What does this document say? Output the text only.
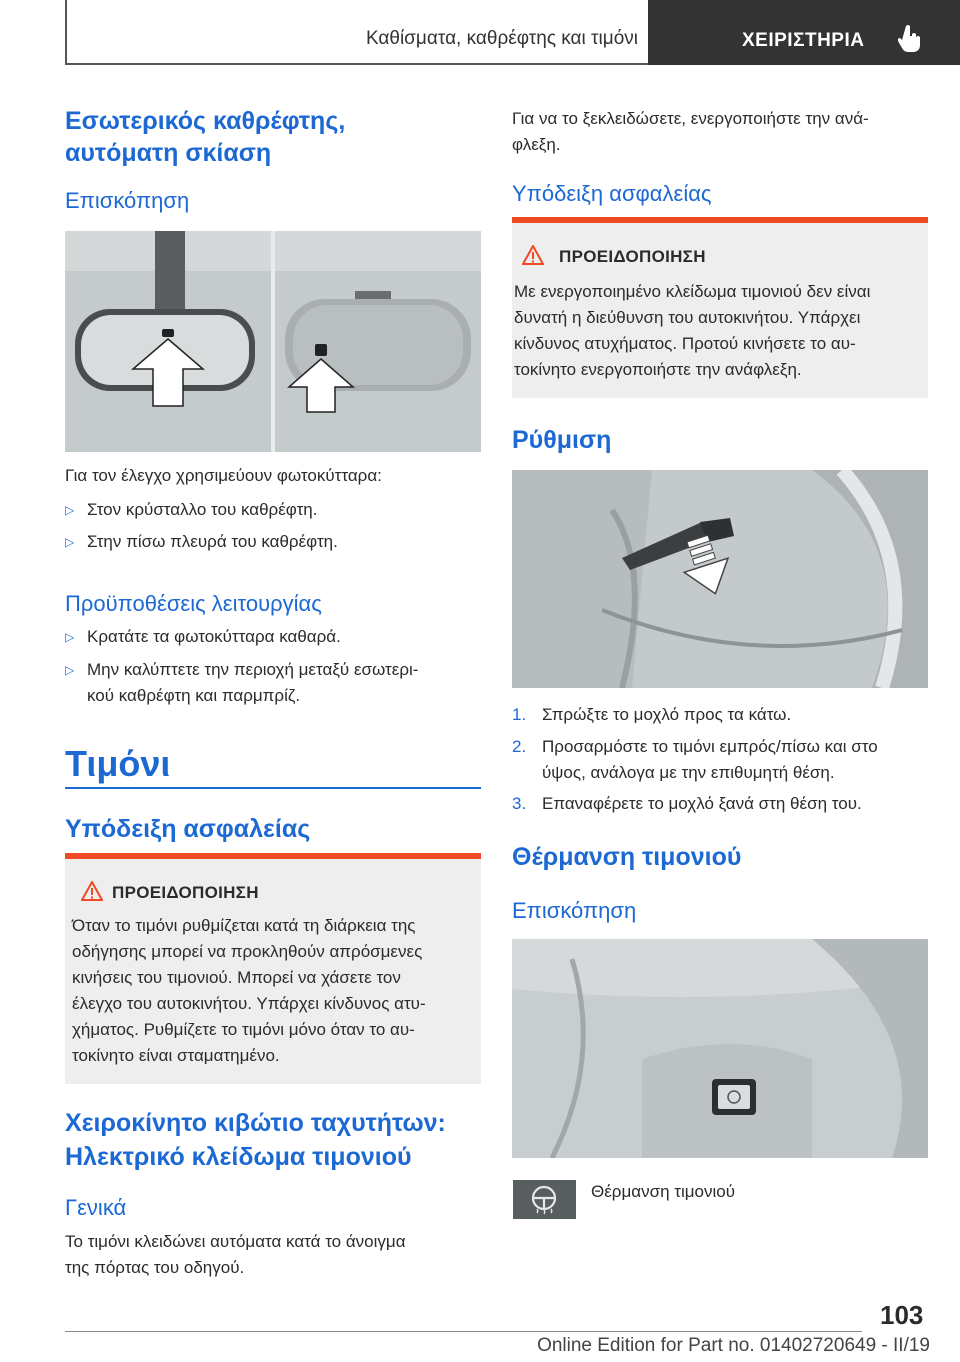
Καθίσματα, καθρέφτης και τιμόνι	ΧΕΙΡΙΣΤΗΡΙΑ
Εσωτερικός καθρέφτης,
αυτόματη σκίαση
Επισκόπηση
Για τον έλεγχο χρησιμεύουν φωτοκύτταρα:
▷ Στον κρύσταλλο του καθρέφτη.
▷ Στην πίσω πλευρά του καθρέφτη.
Προϋποθέσεις λειτουργίας
▷ Κρατάτε τα φωτοκύτταρα καθαρά.
▷ Μην καλύπτετε την περιοχή μεταξύ εσωτερι-
κού καθρέφτη και παρμπρίζ.
Τιμόνι
Υπόδειξη ασφαλείας
ΠΡΟΕΙΔΟΠΟΙΗΣΗ
Όταν το τιμόνι ρυθμίζεται κατά τη διάρκεια της
οδήγησης μπορεί να προκληθούν απρόσμενες
κινήσεις του τιμονιού. Μπορεί να χάσετε τον
έλεγχο του αυτοκινήτου. Υπάρχει κίνδυνος ατυ-
χήματος. Ρυθμίζετε το τιμόνι μόνο όταν το αυ-
τοκίνητο είναι σταματημένο.
Χειροκίνητο κιβώτιο ταχυτήτων:
Ηλεκτρικό κλείδωμα τιμονιού
Γενικά
Το τιμόνι κλειδώνει αυτόματα κατά το άνοιγμα
της πόρτας του οδηγού.
Για να το ξεκλειδώσετε, ενεργοποιήστε την ανά-
φλεξη.
Υπόδειξη ασφαλείας
ΠΡΟΕΙΔΟΠΟΙΗΣΗ
Με ενεργοποιημένο κλείδωμα τιμονιού δεν είναι
δυνατή η διεύθυνση του αυτοκινήτου. Υπάρχει
κίνδυνος ατυχήματος. Προτού κινήσετε το αυ-
τοκίνητο ενεργοποιήστε την ανάφλεξη.
Ρύθμιση
1. Σπρώξτε το μοχλό προς τα κάτω.
2. Προσαρμόστε το τιμόνι εμπρός/πίσω και στο
ύψος, ανάλογα με την επιθυμητή θέση.
3. Επαναφέρετε το μοχλό ξανά στη θέση του.
Θέρμανση τιμονιού
Επισκόπηση
Θέρμανση τιμονιού
103
Online Edition for Part no. 01402720649 - II/19
